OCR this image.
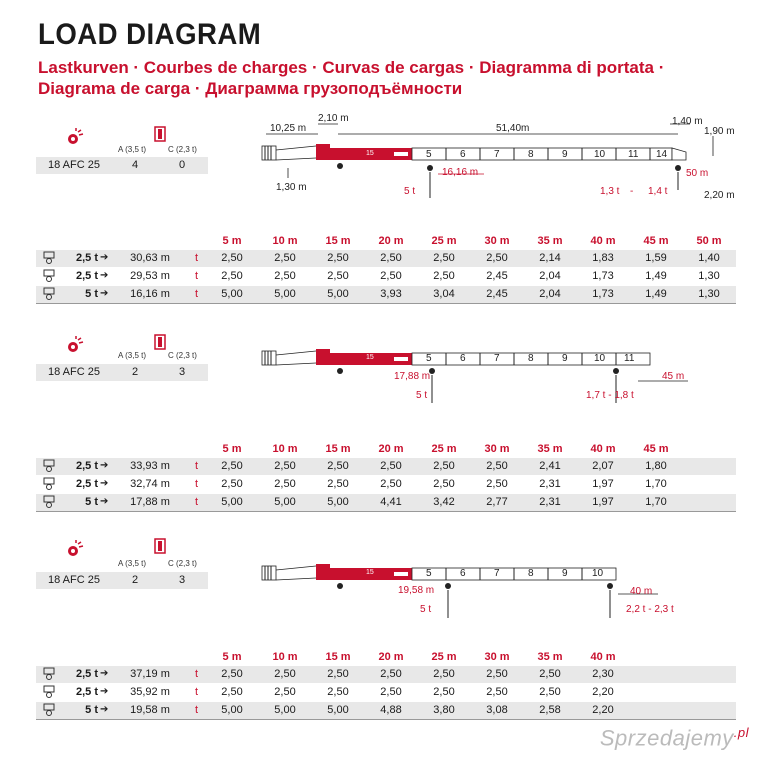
LOAD DIAGRAM
Lastkurven · Courbes de charges · Curvas de cargas · Diagramma di portata ·
Diagrama de carga · Диаграмма грузоподъёмности
A (3,5 t)	C (2,3 t)
18 AFC 25	4	0
10,25 m
2,10 m
51,40m
1,40 m
1,90 m
1,30 m
2,20 m
15	5	6	7	8	9	10 11 14
16,16 m
5 t	1,3 t - 1,4 t
50 m
5 m	10 m	15 m	20 m	25 m	30 m	35 m	40 m	45 m	50 m
2,5 t ➔	30,63 m	t	2,50	2,50	2,50	2,50	2,50	2,50	2,14	1,83	1,59	1,40
2,5 t ➔	29,53 m	t	2,50	2,50	2,50	2,50	2,50	2,45	2,04	1,73	1,49	1,30
5 t ➔	16,16 m	t	5,00	5,00	5,00	3,93	3,04	2,45	2,04	1,73	1,49	1,30
A (3,5 t)	C (2,3 t)
18 AFC 25	2	3
15	5	6	7	8	9	10 11
17,88 m
5 t	1,7 t - 1,8 t
45 m
5 m	10 m	15 m	20 m	25 m	30 m	35 m	40 m	45 m
2,5 t ➔	33,93 m	t	2,50	2,50	2,50	2,50	2,50	2,50	2,41	2,07	1,80
2,5 t ➔	32,74 m	t	2,50	2,50	2,50	2,50	2,50	2,50	2,31	1,97	1,70
5 t ➔	17,88 m	t	5,00	5,00	5,00	4,41	3,42	2,77	2,31	1,97	1,70
A (3,5 t)	C (2,3 t)
18 AFC 25	2	3
15	5	6	7	8	9 10
19,58 m
5 t
40 m
2,2 t - 2,3 t
5 m	10 m	15 m	20 m	25 m	30 m	35 m	40 m
2,5 t ➔	37,19 m	t	2,50	2,50	2,50	2,50	2,50	2,50	2,50	2,30
2,5 t ➔	35,92 m	t	2,50	2,50	2,50	2,50	2,50	2,50	2,50	2,20
5 t ➔	19,58 m	t	5,00	5,00	5,00	4,88	3,80	3,08	2,58	2,20
Sprzedajemy$^{.pl}$
